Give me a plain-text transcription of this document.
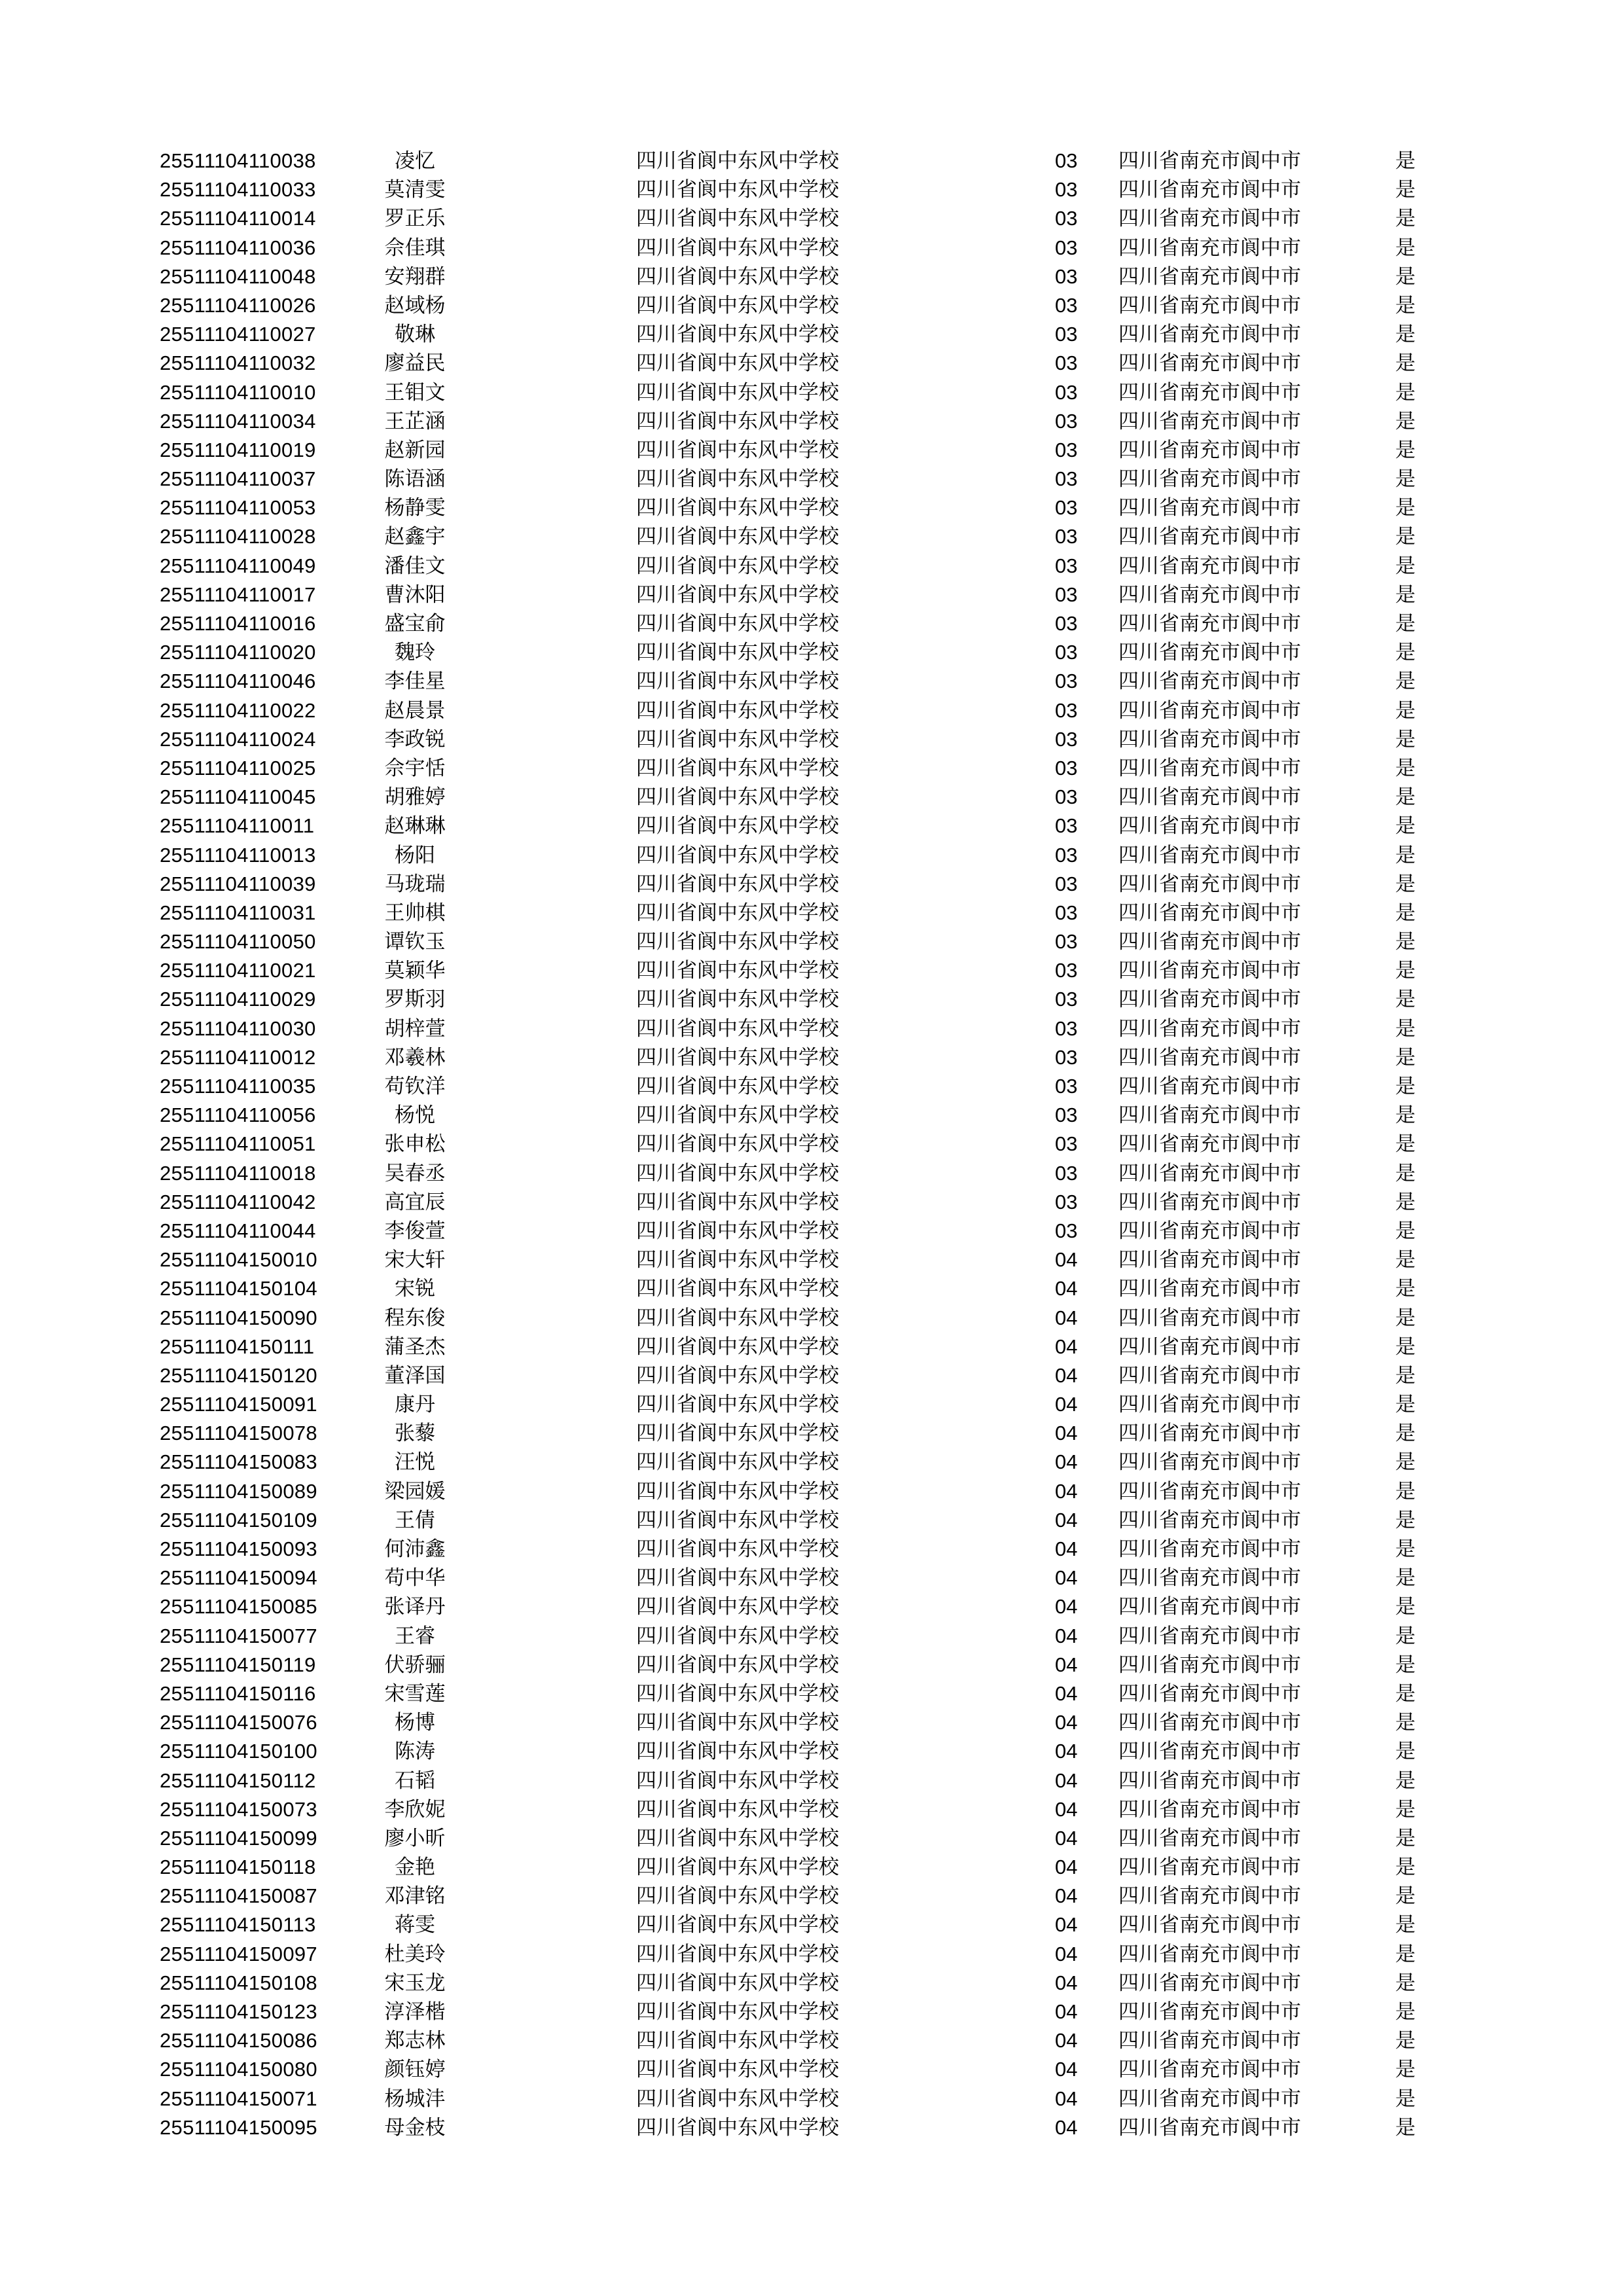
25511104110038	凌忆	四川省阆中东风中学校	03 四川省南充市阆中市	是
25511104110033	莫清雯	四川省阆中东风中学校	03 四川省南充市阆中市	是
25511104110014	罗正乐	四川省阆中东风中学校	03 四川省南充市阆中市	是
25511104110036	佘佳琪	四川省阆中东风中学校	03 四川省南充市阆中市	是
25511104110048	安翔群	四川省阆中东风中学校	03 四川省南充市阆中市	是
25511104110026	赵域杨	四川省阆中东风中学校	03 四川省南充市阆中市	是
25511104110027	敬琳	四川省阆中东风中学校	03 四川省南充市阆中市	是
25511104110032	廖益民	四川省阆中东风中学校	03 四川省南充市阆中市	是
25511104110010	王钼文	四川省阆中东风中学校	03 四川省南充市阆中市	是
25511104110034	王芷涵	四川省阆中东风中学校	03 四川省南充市阆中市	是
25511104110019	赵新园	四川省阆中东风中学校	03 四川省南充市阆中市	是
25511104110037	陈语涵	四川省阆中东风中学校	03 四川省南充市阆中市	是
25511104110053	杨静雯	四川省阆中东风中学校	03 四川省南充市阆中市	是
25511104110028	赵鑫宇	四川省阆中东风中学校	03 四川省南充市阆中市	是
25511104110049	潘佳文	四川省阆中东风中学校	03 四川省南充市阆中市	是
25511104110017	曹沐阳	四川省阆中东风中学校	03 四川省南充市阆中市	是
25511104110016	盛宝俞	四川省阆中东风中学校	03 四川省南充市阆中市	是
25511104110020	魏玲	四川省阆中东风中学校	03 四川省南充市阆中市	是
25511104110046	李佳星	四川省阆中东风中学校	03 四川省南充市阆中市	是
25511104110022	赵晨景	四川省阆中东风中学校	03 四川省南充市阆中市	是
25511104110024	李政锐	四川省阆中东风中学校	03 四川省南充市阆中市	是
25511104110025	佘宇恬	四川省阆中东风中学校	03 四川省南充市阆中市	是
25511104110045	胡雅婷	四川省阆中东风中学校	03 四川省南充市阆中市	是
25511104110011	赵琳琳	四川省阆中东风中学校	03 四川省南充市阆中市	是
25511104110013	杨阳	四川省阆中东风中学校	03 四川省南充市阆中市	是
25511104110039	马珑瑞	四川省阆中东风中学校	03 四川省南充市阆中市	是
25511104110031	王帅棋	四川省阆中东风中学校	03 四川省南充市阆中市	是
25511104110050	谭钦玉	四川省阆中东风中学校	03 四川省南充市阆中市	是
25511104110021	莫颖华	四川省阆中东风中学校	03 四川省南充市阆中市	是
25511104110029	罗斯羽	四川省阆中东风中学校	03 四川省南充市阆中市	是
25511104110030	胡梓萱	四川省阆中东风中学校	03 四川省南充市阆中市	是
25511104110012	邓羲林	四川省阆中东风中学校	03 四川省南充市阆中市	是
25511104110035	苟钦洋	四川省阆中东风中学校	03 四川省南充市阆中市	是
25511104110056	杨悦	四川省阆中东风中学校	03 四川省南充市阆中市	是
25511104110051	张申松	四川省阆中东风中学校	03 四川省南充市阆中市	是
25511104110018	吴春丞	四川省阆中东风中学校	03 四川省南充市阆中市	是
25511104110042	高宜辰	四川省阆中东风中学校	03 四川省南充市阆中市	是
25511104110044	李俊萱	四川省阆中东风中学校	03 四川省南充市阆中市	是
25511104150010	宋大轩	四川省阆中东风中学校	04 四川省南充市阆中市	是
25511104150104	宋锐	四川省阆中东风中学校	04 四川省南充市阆中市	是
25511104150090	程东俊	四川省阆中东风中学校	04 四川省南充市阆中市	是
25511104150111	蒲圣杰	四川省阆中东风中学校	04 四川省南充市阆中市	是
25511104150120	董泽国	四川省阆中东风中学校	04 四川省南充市阆中市	是
25511104150091	康丹	四川省阆中东风中学校	04 四川省南充市阆中市	是
25511104150078	张藜	四川省阆中东风中学校	04 四川省南充市阆中市	是
25511104150083	汪悦	四川省阆中东风中学校	04 四川省南充市阆中市	是
25511104150089	梁园媛	四川省阆中东风中学校	04 四川省南充市阆中市	是
25511104150109	王倩	四川省阆中东风中学校	04 四川省南充市阆中市	是
25511104150093	何沛鑫	四川省阆中东风中学校	04 四川省南充市阆中市	是
25511104150094	苟中华	四川省阆中东风中学校	04 四川省南充市阆中市	是
25511104150085	张译丹	四川省阆中东风中学校	04 四川省南充市阆中市	是
25511104150077	王睿	四川省阆中东风中学校	04 四川省南充市阆中市	是
25511104150119	伏骄骊	四川省阆中东风中学校	04 四川省南充市阆中市	是
25511104150116	宋雪莲	四川省阆中东风中学校	04 四川省南充市阆中市	是
25511104150076	杨博	四川省阆中东风中学校	04 四川省南充市阆中市	是
25511104150100	陈涛	四川省阆中东风中学校	04 四川省南充市阆中市	是
25511104150112	石韬	四川省阆中东风中学校	04 四川省南充市阆中市	是
25511104150073	李欣妮	四川省阆中东风中学校	04 四川省南充市阆中市	是
25511104150099	廖小昕	四川省阆中东风中学校	04 四川省南充市阆中市	是
25511104150118	金艳	四川省阆中东风中学校	04 四川省南充市阆中市	是
25511104150087	邓津铭	四川省阆中东风中学校	04 四川省南充市阆中市	是
25511104150113	蒋雯	四川省阆中东风中学校	04 四川省南充市阆中市	是
25511104150097	杜美玲	四川省阆中东风中学校	04 四川省南充市阆中市	是
25511104150108	宋玉龙	四川省阆中东风中学校	04 四川省南充市阆中市	是
25511104150123	淳泽楷	四川省阆中东风中学校	04 四川省南充市阆中市	是
25511104150086	郑志林	四川省阆中东风中学校	04 四川省南充市阆中市	是
25511104150080	颜钰婷	四川省阆中东风中学校	04 四川省南充市阆中市	是
25511104150071	杨城沣	四川省阆中东风中学校	04 四川省南充市阆中市	是
25511104150095	母金枝	四川省阆中东风中学校	04 四川省南充市阆中市	是
